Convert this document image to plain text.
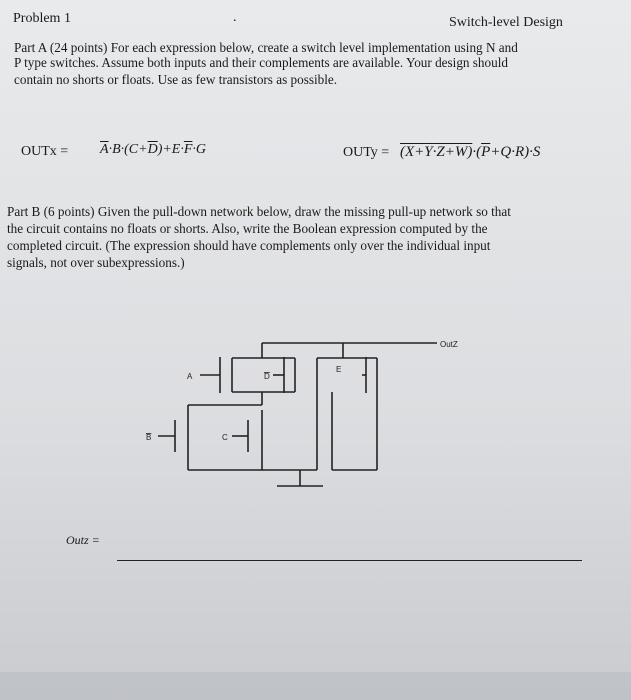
Problem 1	.	Switch-level Design
Part A (24 points) For each expression below, create a switch level implementation using N and
P type switches. Assume both inputs and their complements are available. Your design should
contain no shorts or floats. Use as few transistors as possible.
OUTx = $\overline{A}\cdot B\cdot(C+\overline{D})+E\cdot\overline{F}\cdot G$	OUTy = $(X+Y\cdot Z+W)\cdot(\overline{P}+Q\cdot R)\cdot S$
Part B (6 points) Given the pull-down network below, draw the missing pull-up network so that
the circuit contains no floats or shorts. Also, write the Boolean expression computed by the
completed circuit. (The expression should have complements only over the individual input
signals, not over subexpressions.)
OutZ
A	D
E
B	C
Outz =
